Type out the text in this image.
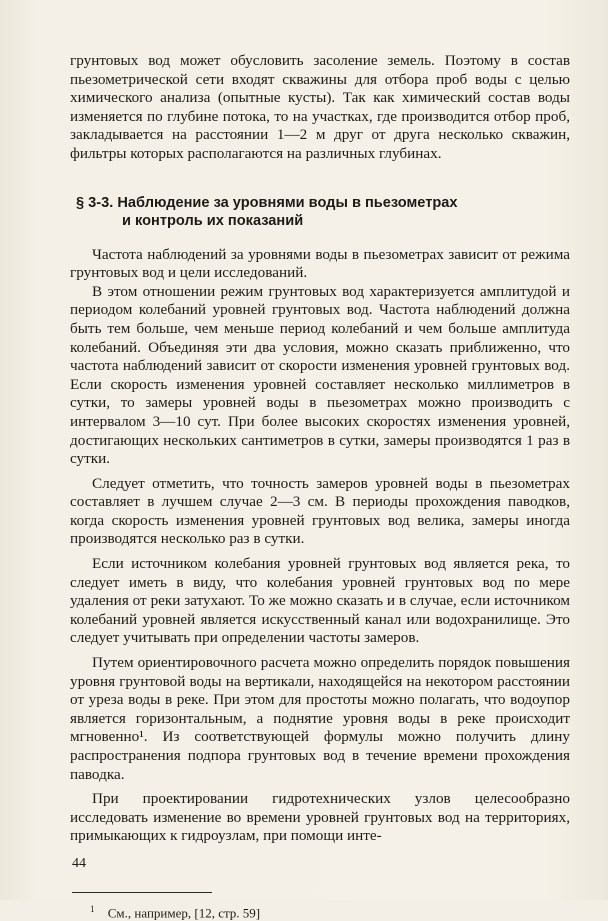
грунтовых вод может обусловить засоление земель. Поэтому в состав пьезометрической сети входят скважины для отбора проб воды с целью химического анализа (опытные кусты). Так как химический состав воды изменяется по глубине потока, то на участках, где производится отбор проб, закладывается на расстоянии 1—2 м друг от друга несколько скважин, фильтры которых располагаются на различных глубинах.

§ 3-3. Наблюдение за уровнями воды в пьезометрах
и контроль их показаний

Частота наблюдений за уровнями воды в пьезометрах зависит от режима грунтовых вод и цели исследований.

В этом отношении режим грунтовых вод характеризуется амплитудой и периодом колебаний уровней грунтовых вод. Частота наблюдений должна быть тем больше, чем меньше период колебаний и чем больше амплитуда колебаний. Объединяя эти два условия, можно сказать приближенно, что частота наблюдений зависит от скорости изменения уровней грунтовых вод. Если скорость изменения уровней составляет несколько миллиметров в сутки, то замеры уровней воды в пьезометрах можно производить с интервалом 3—10 сут. При более высоких скоростях изменения уровней, достигающих нескольких сантиметров в сутки, замеры производятся 1 раз в сутки.

Следует отметить, что точность замеров уровней воды в пьезометрах составляет в лучшем случае 2—3 см. В периоды прохождения паводков, когда скорость изменения уровней грунтовых вод велика, замеры иногда производятся несколько раз в сутки.

Если источником колебания уровней грунтовых вод является река, то следует иметь в виду, что колебания уровней грунтовых вод по мере удаления от реки затухают. То же можно сказать и в случае, если источником колебаний уровней является искусственный канал или водохранилище. Это следует учитывать при определении частоты замеров.

Путем ориентировочного расчета можно определить порядок повышения уровня грунтовой воды на вертикали, находящейся на некотором расстоянии от уреза воды в реке. При этом для простоты можно полагать, что водоупор является горизонтальным, а поднятие уровня воды в реке происходит мгновенно¹. Из соответствующей формулы можно получить длину распространения подпора грунтовых вод в течение времени прохождения паводка.

При проектировании гидротехнических узлов целесообразно исследовать изменение во времени уровней грунтовых вод на территориях, примыкающих к гидроузлам, при помощи инте-

$^1$ См., например, [12, стр. 59]
44
